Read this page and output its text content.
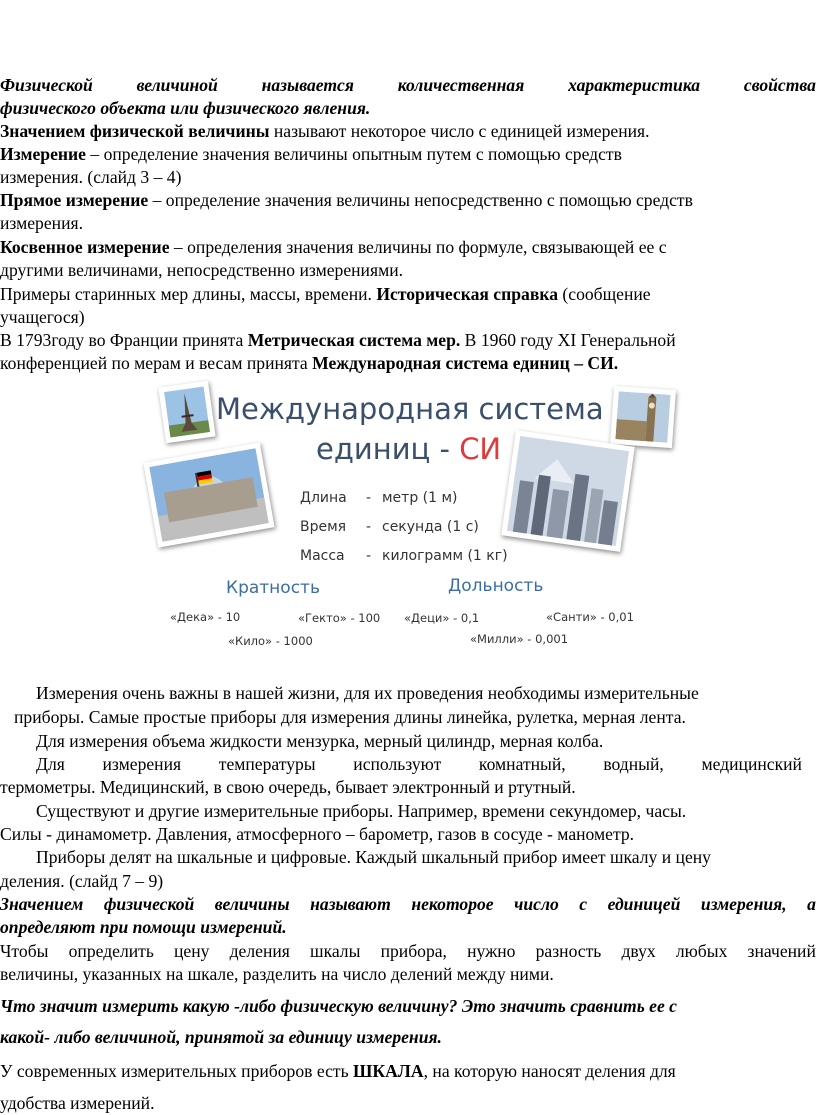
Физической величиной называется количественная характеристика свойства
физического объекта или физического явления.
Значением физической величины называют некоторое число с единицей измерения.
Измерение – определение значения величины опытным путем с помощью средств
измерения. (слайд 3 – 4)
Прямое измерение – определение значения величины непосредственно с помощью средств
измерения.
Косвенное измерение – определения значения величины по формуле, связывающей ее с
другими величинами, непосредственно измерениями.
Примеры старинных мер длины, массы, времени. Историческая справка (сообщение
учащегося)
В 1793году во Франции принята Метрическая система мер. В 1960 году XI Генеральной
конференцией по мерам и весам принята Международная система единиц – СИ.
Международная система
единиц - СИ
Длина - метр (1 м)
Время - секунда (1 с)
Масса - килограмм (1 кг)
Кратность	Дольность
«Дека» - 10	«Гекто» - 100
«Кило» - 1000
«Деци» - 0,1	«Санти» - 0,01
«Милли» - 0,001
Измерения очень важны в нашей жизни, для их проведения необходимы измерительные
приборы. Самые простые приборы для измерения длины линейка, рулетка, мерная лента.
Для измерения объема жидкости мензурка, мерный цилиндр, мерная колба.
Для измерения температуры используют комнатный, водный, медицинский
термометры. Медицинский, в свою очередь, бывает электронный и ртутный.
Существуют и другие измерительные приборы. Например, времени секундомер, часы.
Силы - динамометр. Давления, атмосферного – барометр, газов в сосуде - манометр.
Приборы делят на шкальные и цифровые. Каждый шкальный прибор имеет шкалу и цену
деления. (слайд 7 – 9)
Значением физической величины называют некоторое число с единицей измерения, а
определяют при помощи измерений.
Чтобы определить цену деления шкалы прибора, нужно разность двух любых значений
величины, указанных на шкале, разделить на число делений между ними.
Что значит измерить какую -либо физическую величину? Это значить сравнить ее с
какой- либо величиной, принятой за единицу измерения.
У современных измерительных приборов есть ШКАЛА, на которую наносят деления для
удобства измерений.
